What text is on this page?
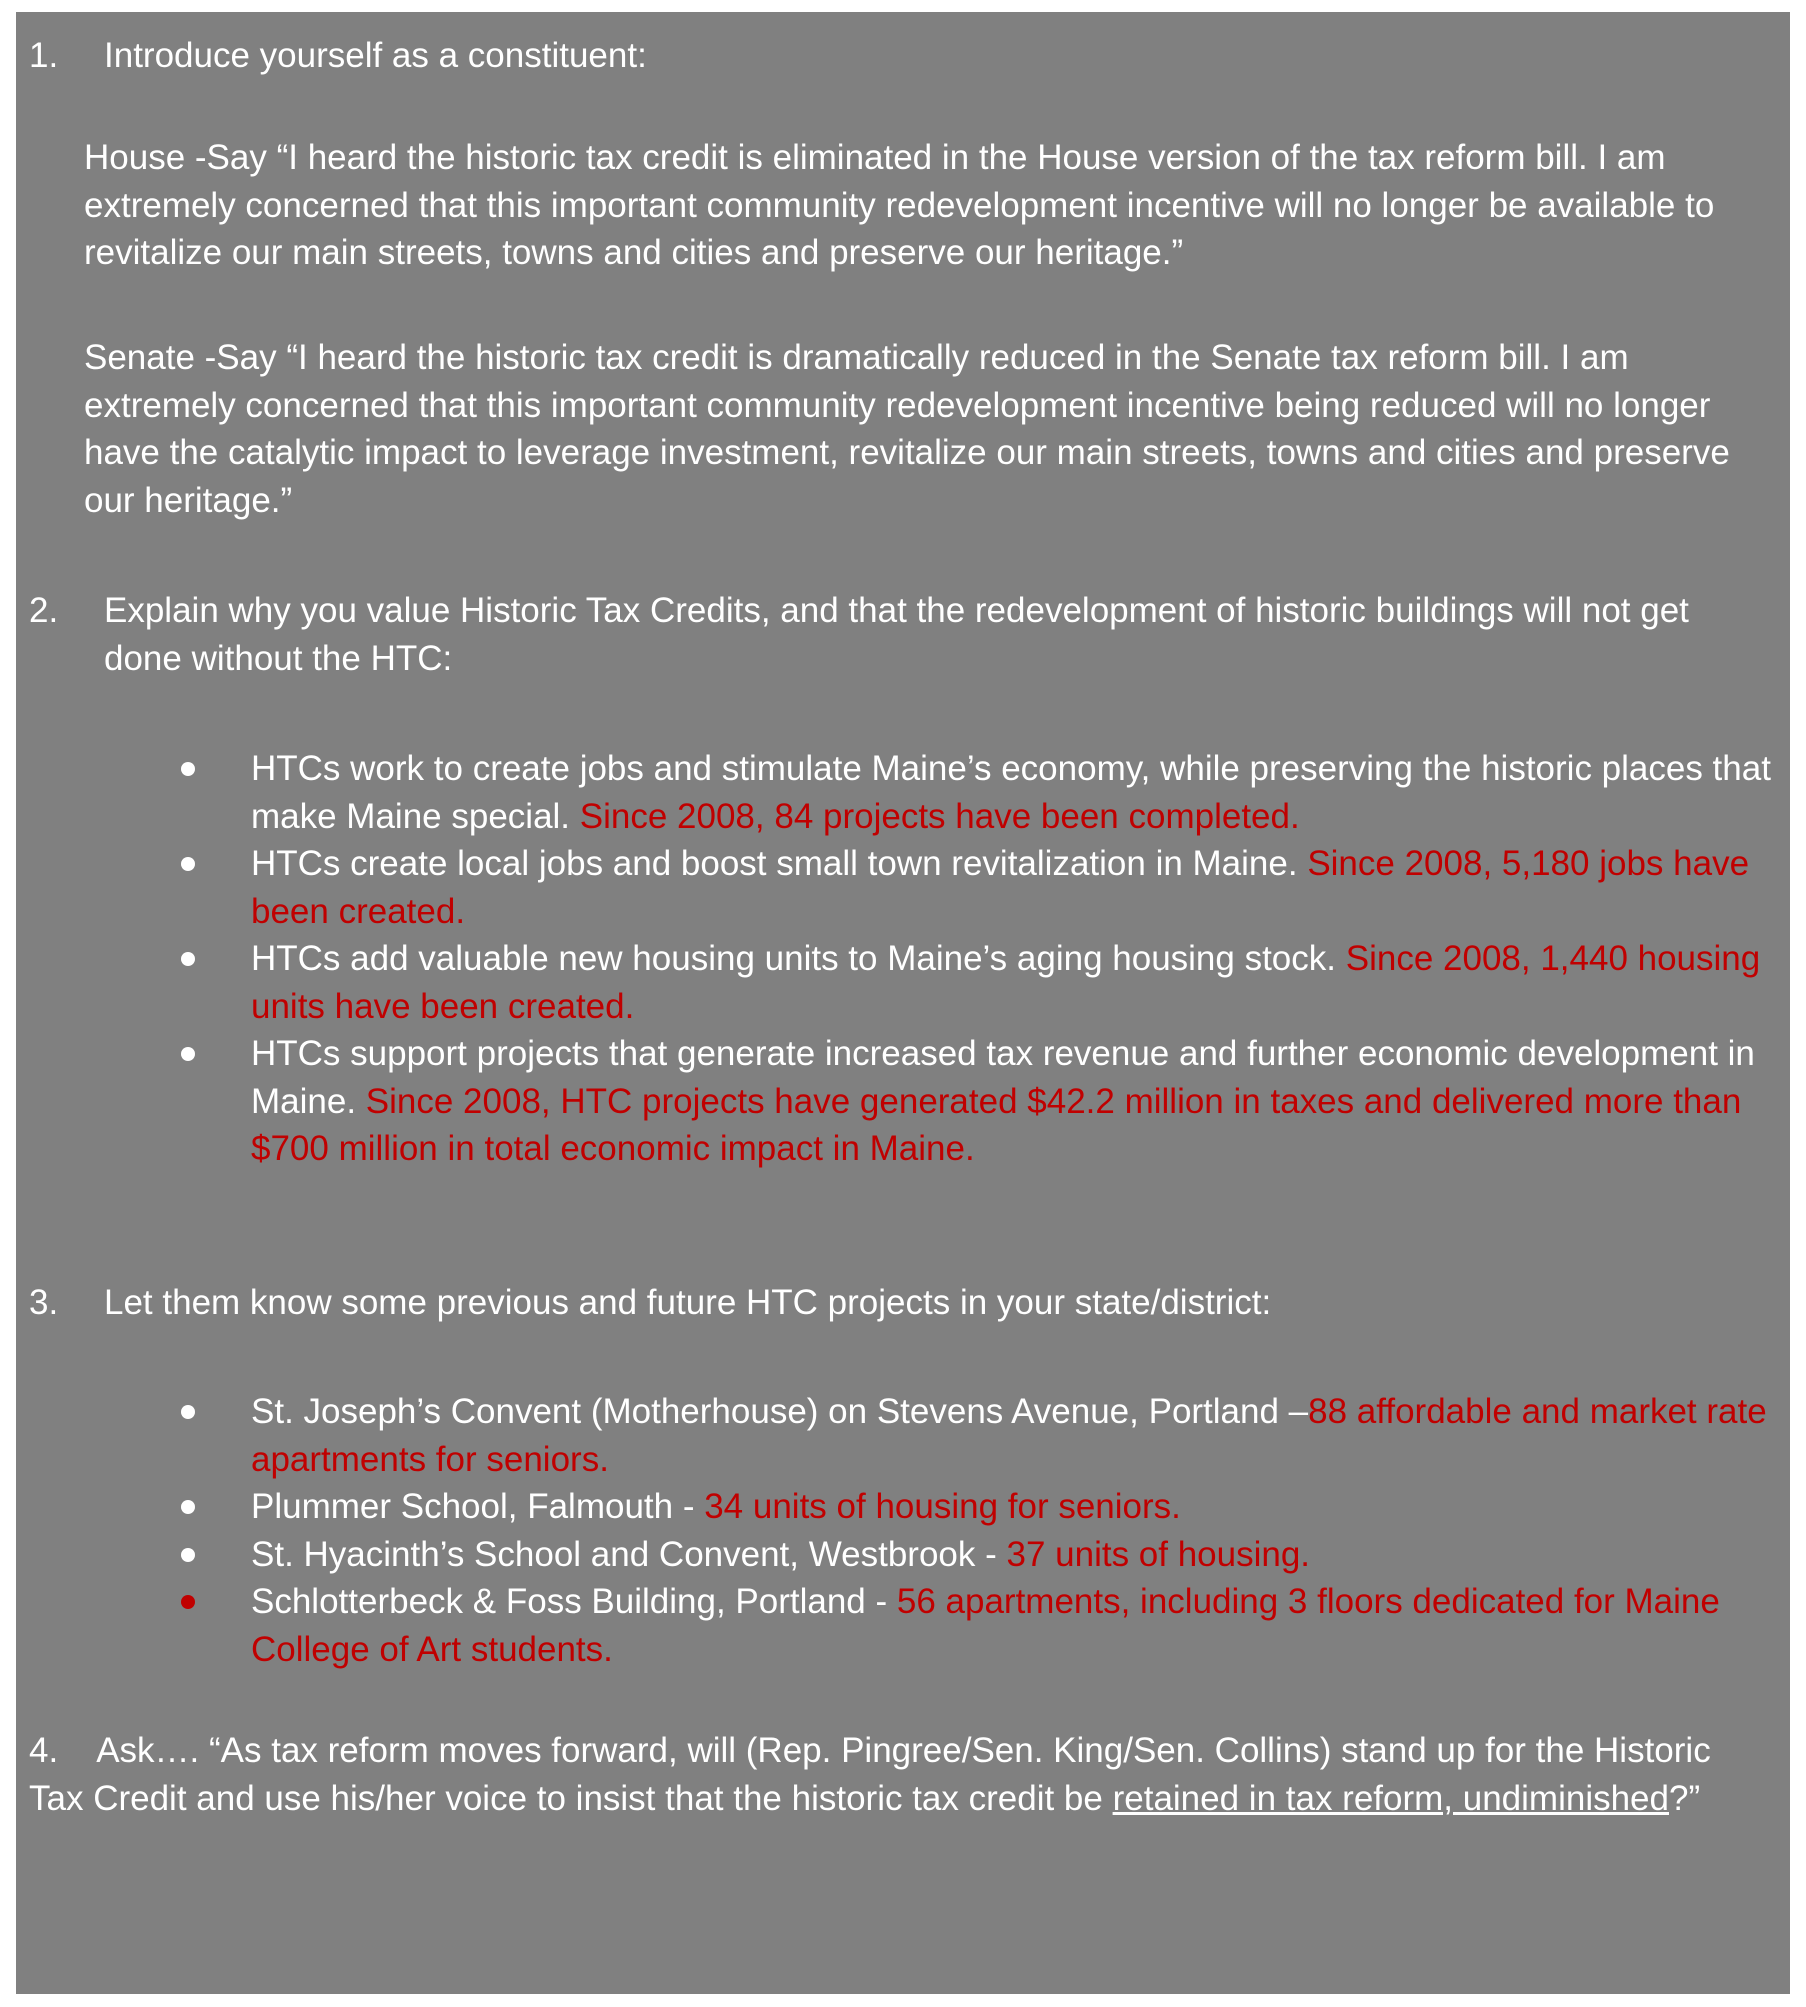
1. Introduce yourself as a constituent:
House -Say “I heard the historic tax credit is eliminated in the House version of the tax reform bill. I am extremely concerned that this important community redevelopment incentive will no longer be available to revitalize our main streets, towns and cities and preserve our heritage.”
Senate -Say “I heard the historic tax credit is dramatically reduced in the Senate tax reform bill. I am extremely concerned that this important community redevelopment incentive being reduced will no longer have the catalytic impact to leverage investment, revitalize our main streets, towns and cities and preserve our heritage.”
2. Explain why you value Historic Tax Credits, and that the redevelopment of historic buildings will not get done without the HTC:
HTCs work to create jobs and stimulate Maine’s economy, while preserving the historic places that make Maine special. Since 2008, 84 projects have been completed.
HTCs create local jobs and boost small town revitalization in Maine. Since 2008, 5,180 jobs have been created.
HTCs add valuable new housing units to Maine’s aging housing stock. Since 2008, 1,440 housing units have been created.
HTCs support projects that generate increased tax revenue and further economic development in Maine. Since 2008, HTC projects have generated $42.2 million in taxes and delivered more than $700 million in total economic impact in Maine.
3. Let them know some previous and future HTC projects in your state/district:
St. Joseph’s Convent (Motherhouse) on Stevens Avenue, Portland –88 affordable and market rate apartments for seniors.
Plummer School, Falmouth - 34 units of housing for seniors.
St. Hyacinth’s School and Convent, Westbrook - 37 units of housing.
Schlotterbeck & Foss Building, Portland - 56 apartments, including 3 floors dedicated for Maine College of Art students.
4. Ask…. “As tax reform moves forward, will (Rep. Pingree/Sen. King/Sen. Collins) stand up for the Historic Tax Credit and use his/her voice to insist that the historic tax credit be retained in tax reform, undiminished?”
